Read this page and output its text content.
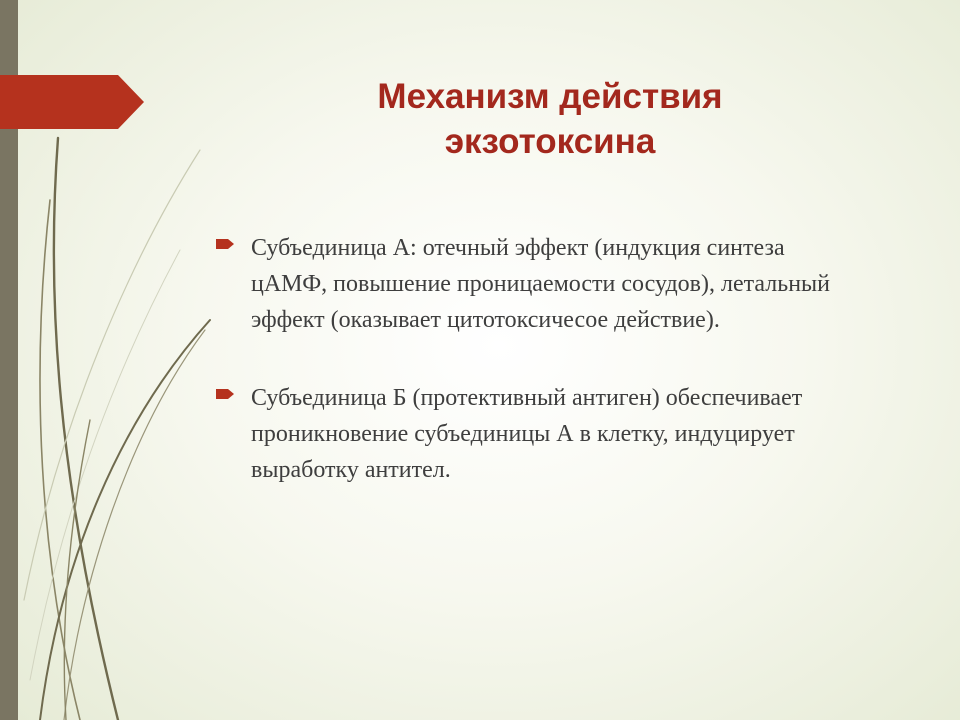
Механизм действия
экзотоксина
Субъединица А: отечный эффект (индукция синтеза цАМФ, повышение проницаемости сосудов), летальный эффект (оказывает цитотоксичесое действие).
Субъединица Б (протективный антиген) обеспечивает проникновение субъединицы А в клетку, индуцирует выработку антител.
